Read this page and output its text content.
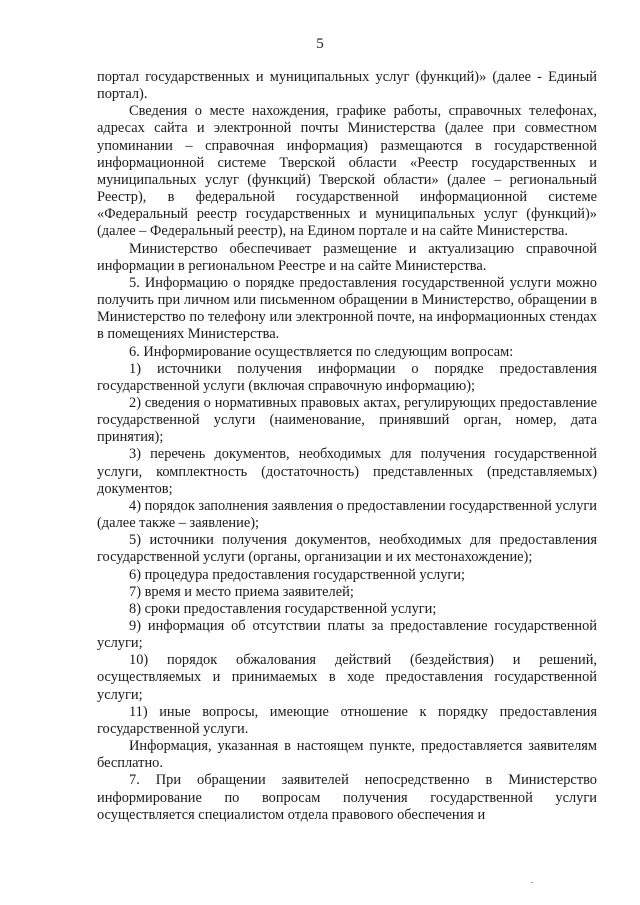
5

портал государственных и муниципальных услуг (функций)» (далее - Единый портал).

Сведения о месте нахождения, графике работы, справочных телефонах, адресах сайта и электронной почты Министерства (далее при совместном упоминании – справочная информация) размещаются в государственной информационной системе Тверской области «Реестр государственных и муниципальных услуг (функций) Тверской области» (далее – региональный Реестр), в федеральной государственной информационной системе «Федеральный реестр государственных и муниципальных услуг (функций)» (далее – Федеральный реестр), на Едином портале и на сайте Министерства.

Министерство обеспечивает размещение и актуализацию справочной информации в региональном Реестре и на сайте Министерства.

5. Информацию о порядке предоставления государственной услуги можно получить при личном или письменном обращении в Министерство, обращении в Министерство по телефону или электронной почте, на информационных стендах в помещениях Министерства.

6. Информирование осуществляется по следующим вопросам:

1) источники получения информации о порядке предоставления государственной услуги (включая справочную информацию);

2) сведения о нормативных правовых актах, регулирующих предоставление государственной услуги (наименование, принявший орган, номер, дата принятия);

3) перечень документов, необходимых для получения государственной услуги, комплектность (достаточность) представленных (представляемых) документов;

4) порядок заполнения заявления о предоставлении государственной услуги (далее также – заявление);

5) источники получения документов, необходимых для предоставления государственной услуги (органы, организации и их местонахождение);

6) процедура предоставления государственной услуги;

7) время и место приема заявителей;

8) сроки предоставления государственной услуги;

9) информация об отсутствии платы за предоставление государственной услуги;

10) порядок обжалования действий (бездействия) и решений, осуществляемых и принимаемых в ходе предоставления государственной услуги;

11) иные вопросы, имеющие отношение к порядку предоставления государственной услуги.

Информация, указанная в настоящем пункте, предоставляется заявителям бесплатно.

7. При обращении заявителей непосредственно в Министерство информирование по вопросам получения государственной услуги осуществляется специалистом отдела правового обеспечения и
